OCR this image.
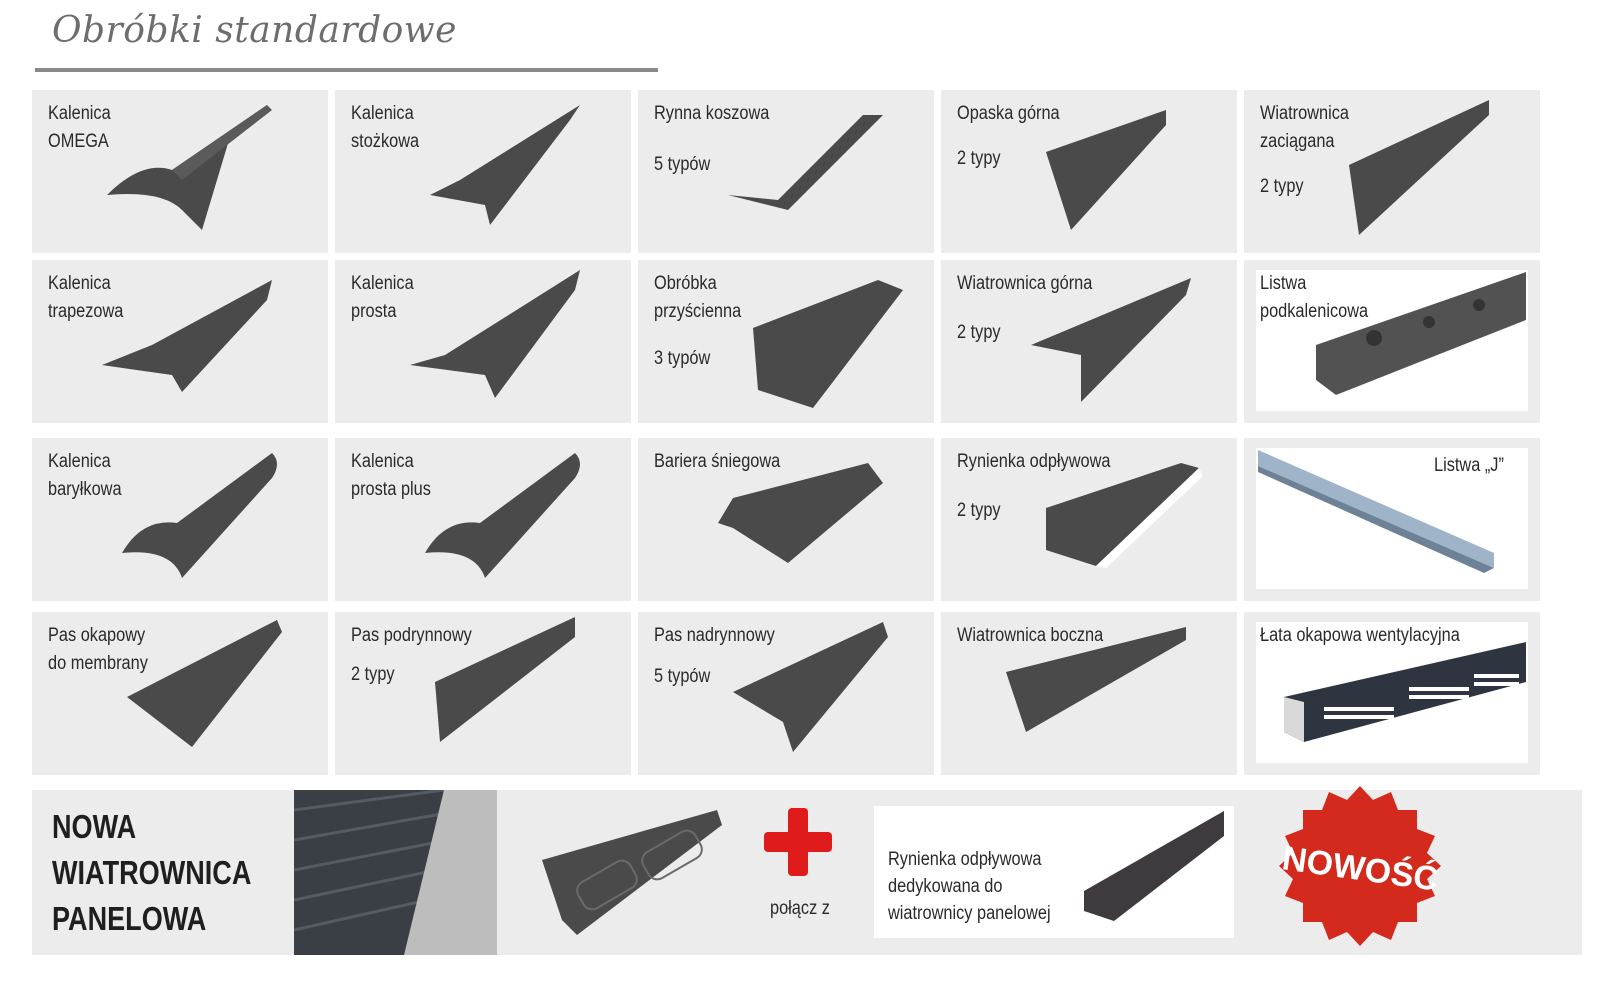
Obróbki standardowe
Kalenica
OMEGA
Kalenica
stożkowa
Rynna koszowa
5 typów
Opaska górna
2 typy
Wiatrownica
zaciągana
2 typy
Kalenica
trapezowa
Kalenica
prosta
Obróbka
przyścienna
3 typów
Wiatrownica górna
2 typy
Listwa
podkalenicowa
Kalenica
baryłkowa
Kalenica
prosta plus
Bariera śniegowa	Rynienka odpływowa
2 typy
Listwa „J”
Pas okapowy
do membrany
Pas podrynnowy
2 typy
Pas nadrynnowy
5 typów
Wiatrownica boczna	Łata okapowa wentylacyjna
NOWA
WIATROWNICA
PANELOWA	połącz z
Rynienka odpływowa
dedykowana do
wiatrownicy panelowej
NOWOŚĆ
